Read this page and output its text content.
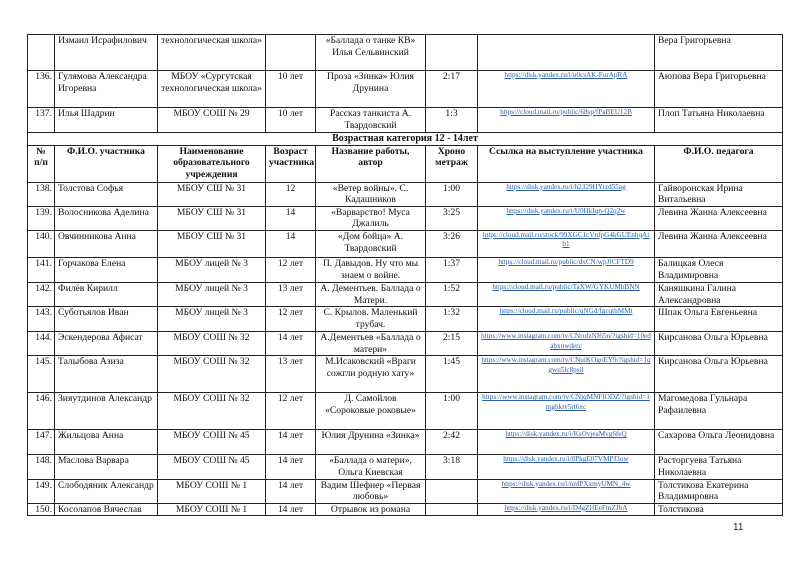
	Измаил Исрафилович	технологическая школа»		«Баллада о танке КВ» Илья Сельвинский			Вера Григорьевна
136.	Гулямова Александра Игоревна	МБОУ «Сургутская технологическая школа»	10 лет	Проза «Зинка» Юлия Друнина	2:17	https://disk.yandex.ru/i/u0csAK-FurApRA	Аюпова Вера Григорьевна
137.	Илья Шадрин	МБОУ СОШ № 29	10 лет	Рассказ танкиста А. Твардовский	1:3	https://cloud.mail.ru/public/68sp/fPaBEU12B	Плоп Татьяна Николаевна
Возрастная категория 12 - 14лет							
№ п/п	Ф.И.О. участника	Наименование образовательного учреждения	Возраст участника	Название работы, автор	Хроно метраж	Ссылка на выступление участника	Ф.И.О. педагога
138.	Толстова Софья	МБОУ СШ № 31	12	«Ветер войны». С. Кадашников	1:00	https://disk.yandex.ru/i/h2329HYtzd55ag	Гайворонская Ирина Витальевна
139.	Волосникова Аделина	МБОУ СШ № 31	14	«Варварство! Муса Джалиль	3:25	https://disk.yandex.ru/i/U0HkIqn-Q2q2w	Левина Жанна Алексеевна
140.	Овчинникова Анна	МБОУ СШ № 31	14	«Дом бойца» А. Твардовский	3:26	https://cloud.mail.ru/stock/99XGC1cVnfpG4kGUEnhqAib1	Левина Жанна Алексеевна
141.	Горчакова Елена	МБОУ лицей № 3	12 лет	П. Давыдов. Ну что мы знаем о войне.	1:37	https://cloud.mail.ru/public/dxCN/wpJfCFTD9	Балицкая Олеся Владимировна
142.	Филёв Кирилл	МБОУ лицей № 3	13 лет	А. Дементьев. Баллада о Матери.	1:52	https://cloud.mail.ru/public/TaXW/GYKUMbBNN	Каняшкина Галина Александровна
143.	Суботьялов Иван	МБОУ лицей № 3	12 лет	С. Крылов. Маленький трубач.	1:32	https://cloud.mail.ru/public/qNGd/fgcqthMMt	Шпак Ольга Евгеньевна
144.	Эскендерова Афисат	МБОУ СОШ № 32	14 лет	А.Дементьев «Баллада о матери»	2:15	https://www.instagram.com/tv/CNrufzNI65n/?igshid=10edabxuwderc	Кирсанова Ольга Юрьевна
145.	Талыбова Азиза	МБОУ СОШ № 32	13 лет	М.Исаковский «Враги сожгли родную хату»	1:45	https://www.instagram.com/tv/CNuiKOgoEY9/?igshid=1qgwu5lc8psil	Кирсанова Ольга Юрьевна
146.	Зияутдинов Александр	МБОУ СОШ № 32	12 лет	Д. Самойлов «Сороковые роковые»	1:00	https://www.instagram.com/tv/CNjqMNFIODZ/?igshid=1mghktv5rt6xc	Магомедова Гульнара Рафаилевна
147.	Жильцова Анна	МБОУ СОШ № 45	14 лет	Юлия Друнина «Зинка»	2:42	https://disk.yandex.ru/i/KsOvjeaMvg6feQ	Сахарова Ольга Леонидовна
148.	Маслова Варвара	МБОУ СОШ № 45	14 лет	«Баллада о матери», Ольга Киевская	3:18	https://disk.yandex.ru/i/8PkgE07VMPJ3ow	Расторгуева Татьяна Николаевна
149.	Слободяник Александр	МБОУ СОШ № 1	14 лет	Вадим Шефнер «Первая любовь»		https://disk.yandex.ru/i/nnIPXxmyUMN_4w	Толстикова Екатерина Владимировна
150.	Косолапов Вячеслав	МБОУ СОШ № 1	14 лет	Отрывок из романа		https://disk.yandex.ru/i/D4gZIfEeFmZJbA	Толстикова
11
